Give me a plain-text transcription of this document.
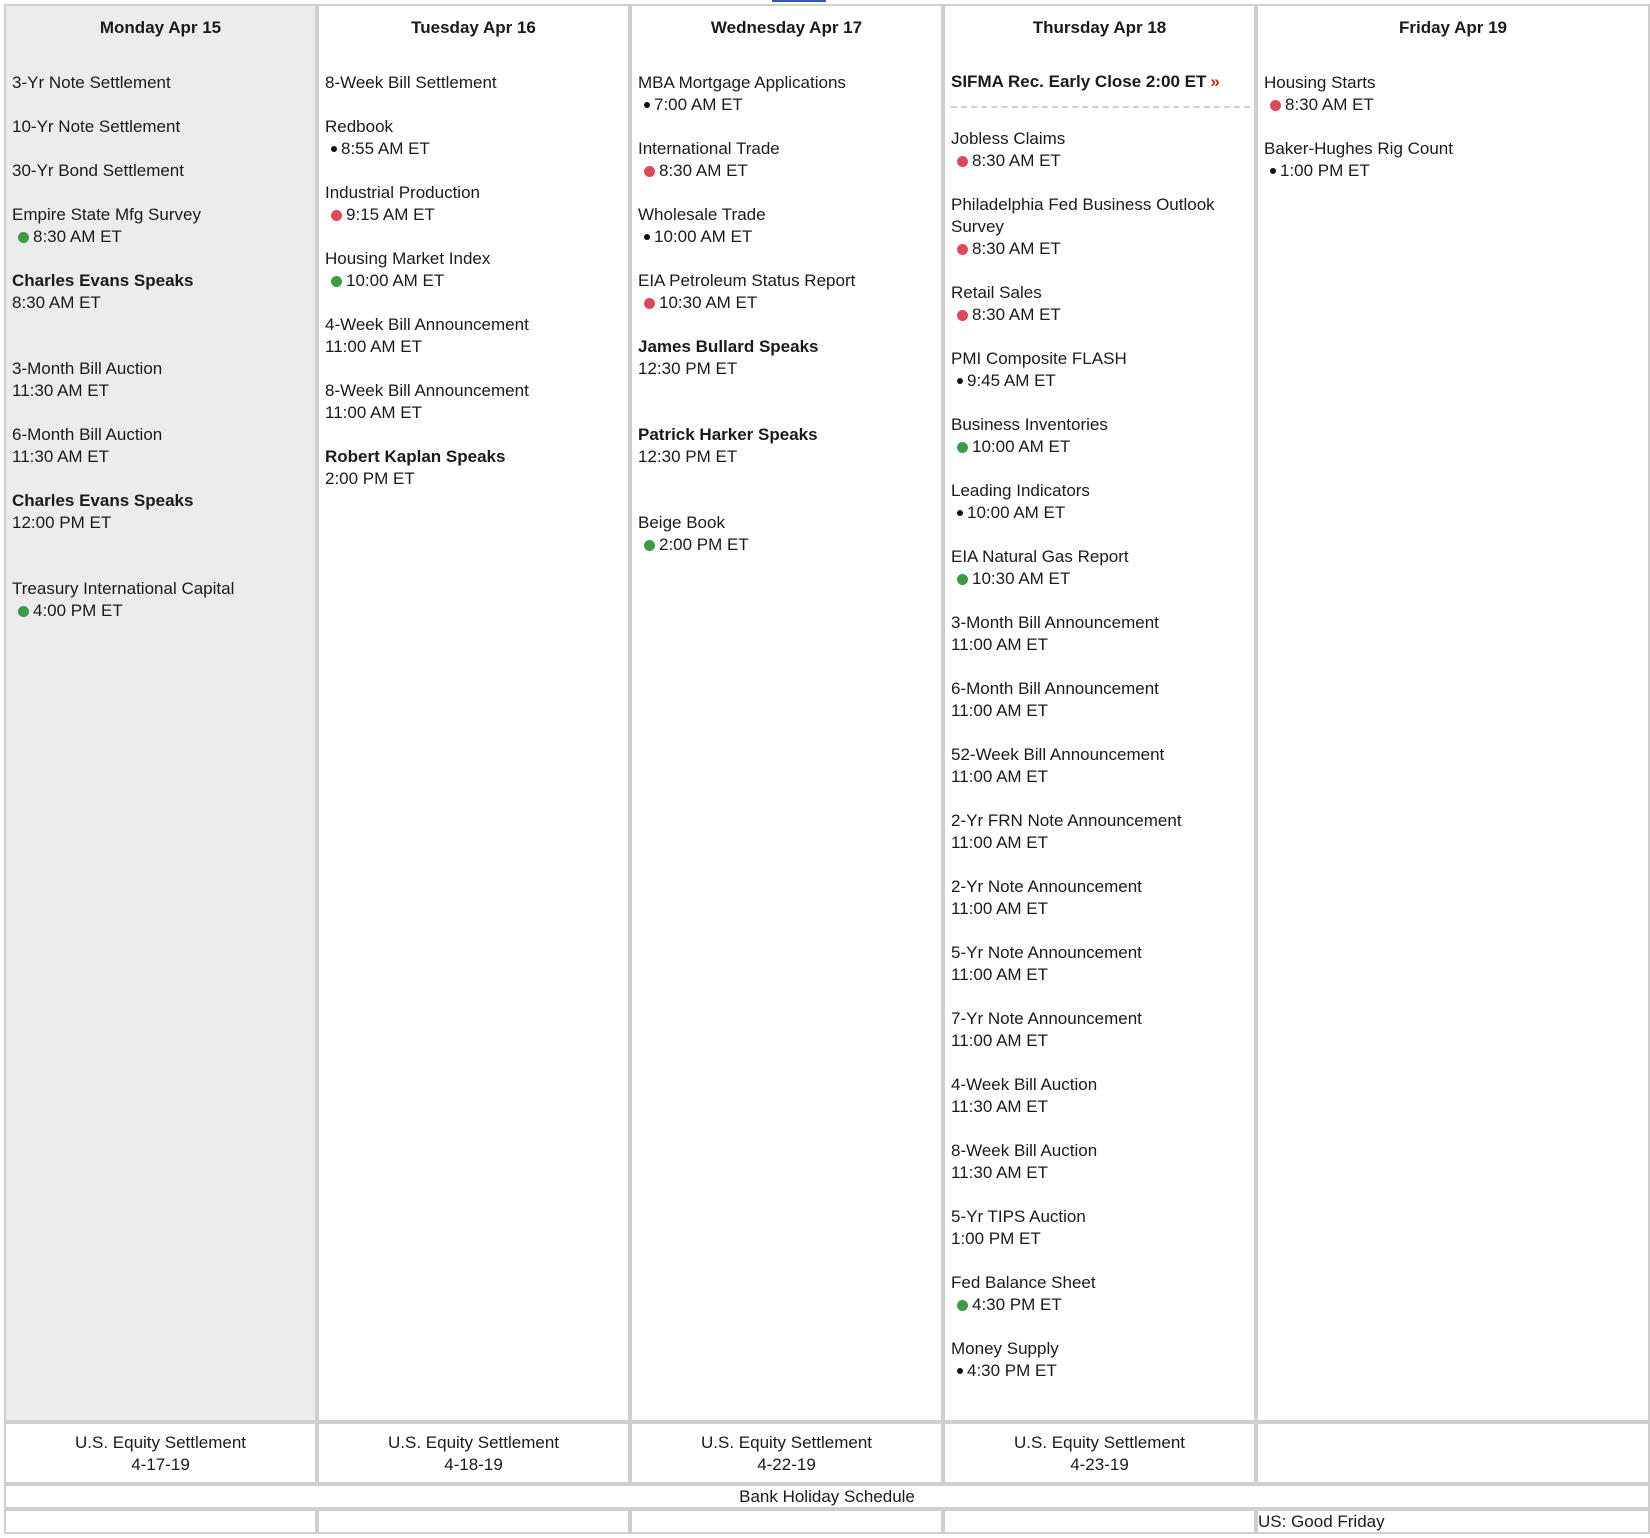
Bank Holiday Schedule
Monday Apr 15
3-Yr Note Settlement
10-Yr Note Settlement
30-Yr Bond Settlement
Empire State Mfg Survey
8:30 AM ET
Charles Evans Speaks
8:30 AM ET
3-Month Bill Auction
11:30 AM ET
6-Month Bill Auction
11:30 AM ET
Charles Evans Speaks
12:00 PM ET
Treasury International Capital
4:00 PM ET
U.S. Equity Settlement
4-17-19
Tuesday Apr 16
8-Week Bill Settlement
Redbook
8:55 AM ET
Industrial Production
9:15 AM ET
Housing Market Index
10:00 AM ET
4-Week Bill Announcement
11:00 AM ET
8-Week Bill Announcement
11:00 AM ET
Robert Kaplan Speaks
2:00 PM ET
U.S. Equity Settlement
4-18-19
Wednesday Apr 17
MBA Mortgage Applications
7:00 AM ET
International Trade
8:30 AM ET
Wholesale Trade
10:00 AM ET
EIA Petroleum Status Report
10:30 AM ET
James Bullard Speaks
12:30 PM ET
Patrick Harker Speaks
12:30 PM ET
Beige Book
2:00 PM ET
U.S. Equity Settlement
4-22-19
Thursday Apr 18
SIFMA Rec. Early Close 2:00 ET »
Jobless Claims
8:30 AM ET
Philadelphia Fed Business Outlook Survey
8:30 AM ET
Retail Sales
8:30 AM ET
PMI Composite FLASH
9:45 AM ET
Business Inventories
10:00 AM ET
Leading Indicators
10:00 AM ET
EIA Natural Gas Report
10:30 AM ET
3-Month Bill Announcement
11:00 AM ET
6-Month Bill Announcement
11:00 AM ET
52-Week Bill Announcement
11:00 AM ET
2-Yr FRN Note Announcement
11:00 AM ET
2-Yr Note Announcement
11:00 AM ET
5-Yr Note Announcement
11:00 AM ET
7-Yr Note Announcement
11:00 AM ET
4-Week Bill Auction
11:30 AM ET
8-Week Bill Auction
11:30 AM ET
5-Yr TIPS Auction
1:00 PM ET
Fed Balance Sheet
4:30 PM ET
Money Supply
4:30 PM ET
U.S. Equity Settlement
4-23-19
Friday Apr 19
Housing Starts
8:30 AM ET
Baker-Hughes Rig Count
1:00 PM ET
US: Good Friday
